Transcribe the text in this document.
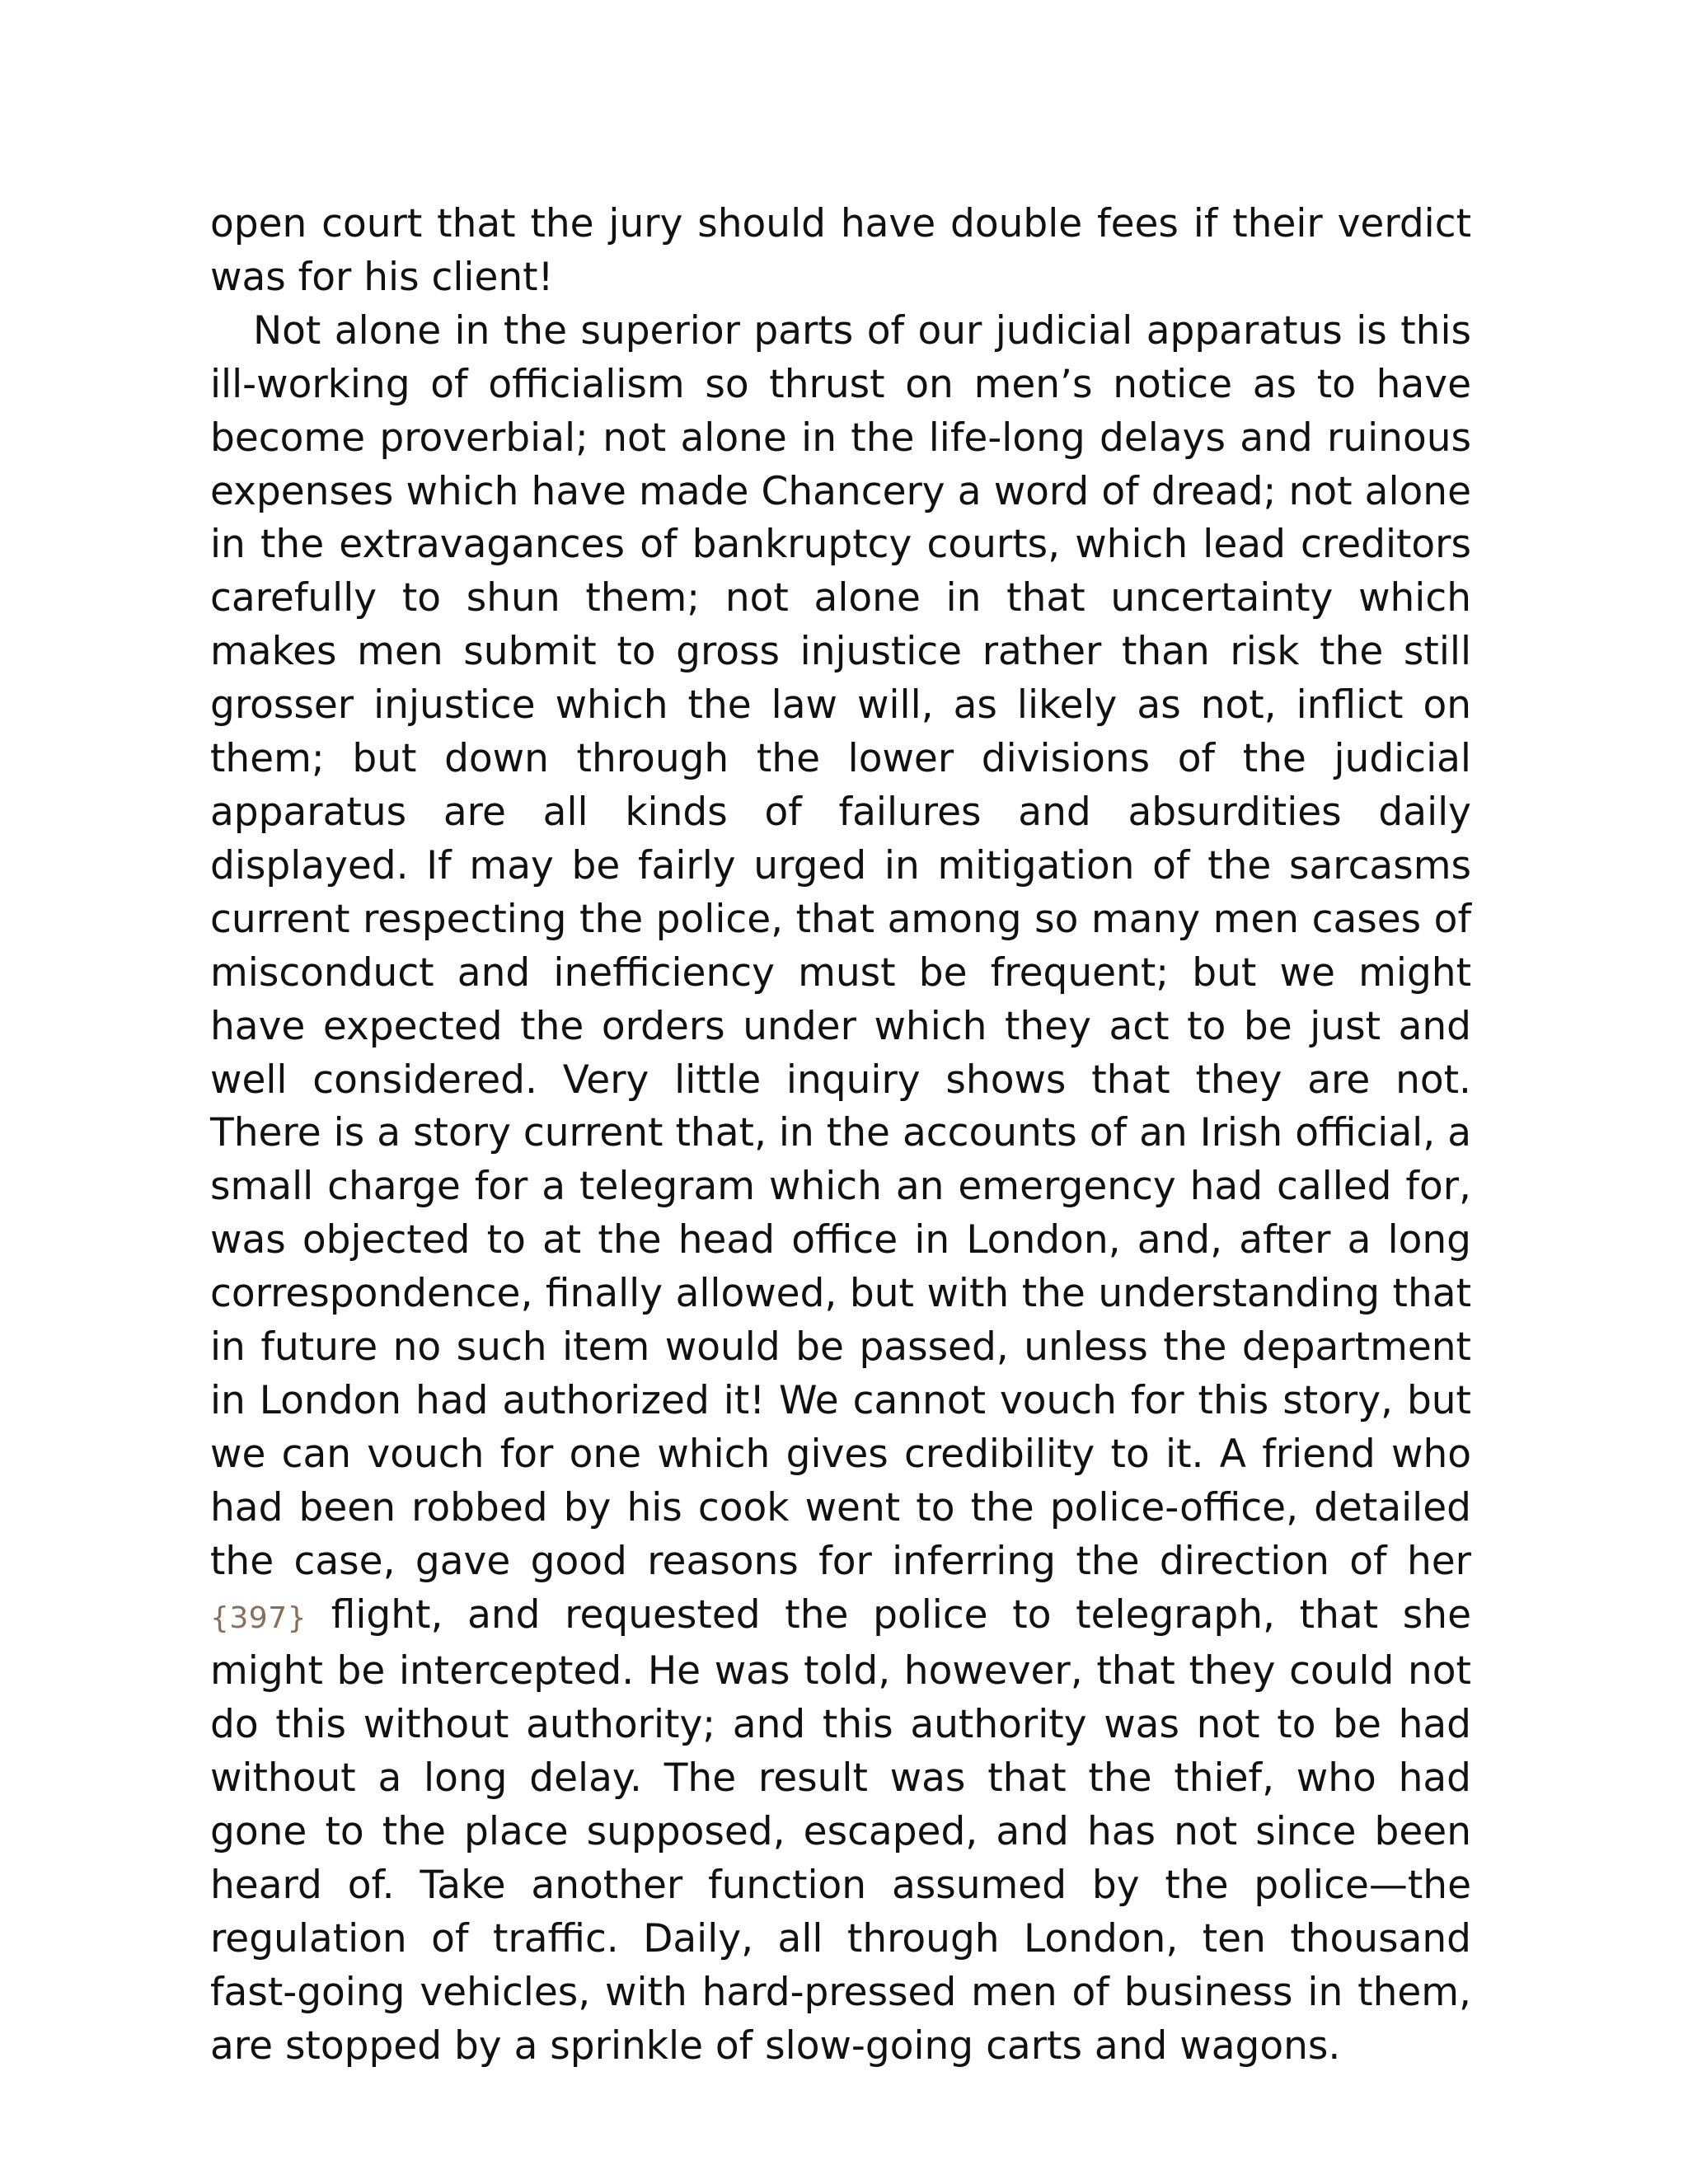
open court that the jury should have double fees if their verdict was for his client!

Not alone in the superior parts of our judicial apparatus is this ill-working of officialism so thrust on men’s notice as to have become proverbial; not alone in the life-long delays and ruinous expenses which have made Chancery a word of dread; not alone in the extravagances of bankruptcy courts, which lead creditors carefully to shun them; not alone in that uncertainty which makes men submit to gross injustice rather than risk the still grosser injustice which the law will, as likely as not, inflict on them; but down through the lower divisions of the judicial apparatus are all kinds of failures and absurdities daily displayed. If may be fairly urged in mitigation of the sarcasms current respecting the police, that among so many men cases of misconduct and inefficiency must be frequent; but we might have expected the orders under which they act to be just and well considered. Very little inquiry shows that they are not. There is a story current that, in the accounts of an Irish official, a small charge for a telegram which an emergency had called for, was objected to at the head office in London, and, after a long correspondence, finally allowed, but with the understanding that in future no such item would be passed, unless the department in London had authorized it! We cannot vouch for this story, but we can vouch for one which gives credibility to it. A friend who had been robbed by his cook went to the police-office, detailed the case, gave good reasons for inferring the direction of her {397} flight, and requested the police to telegraph, that she might be intercepted. He was told, however, that they could not do this without authority; and this authority was not to be had without a long delay. The result was that the thief, who had gone to the place supposed, escaped, and has not since been heard of. Take another function assumed by the police—the regulation of traffic. Daily, all through London, ten thousand fast-going vehicles, with hard-pressed men of business in them, are stopped by a sprinkle of slow-going carts and wagons.
